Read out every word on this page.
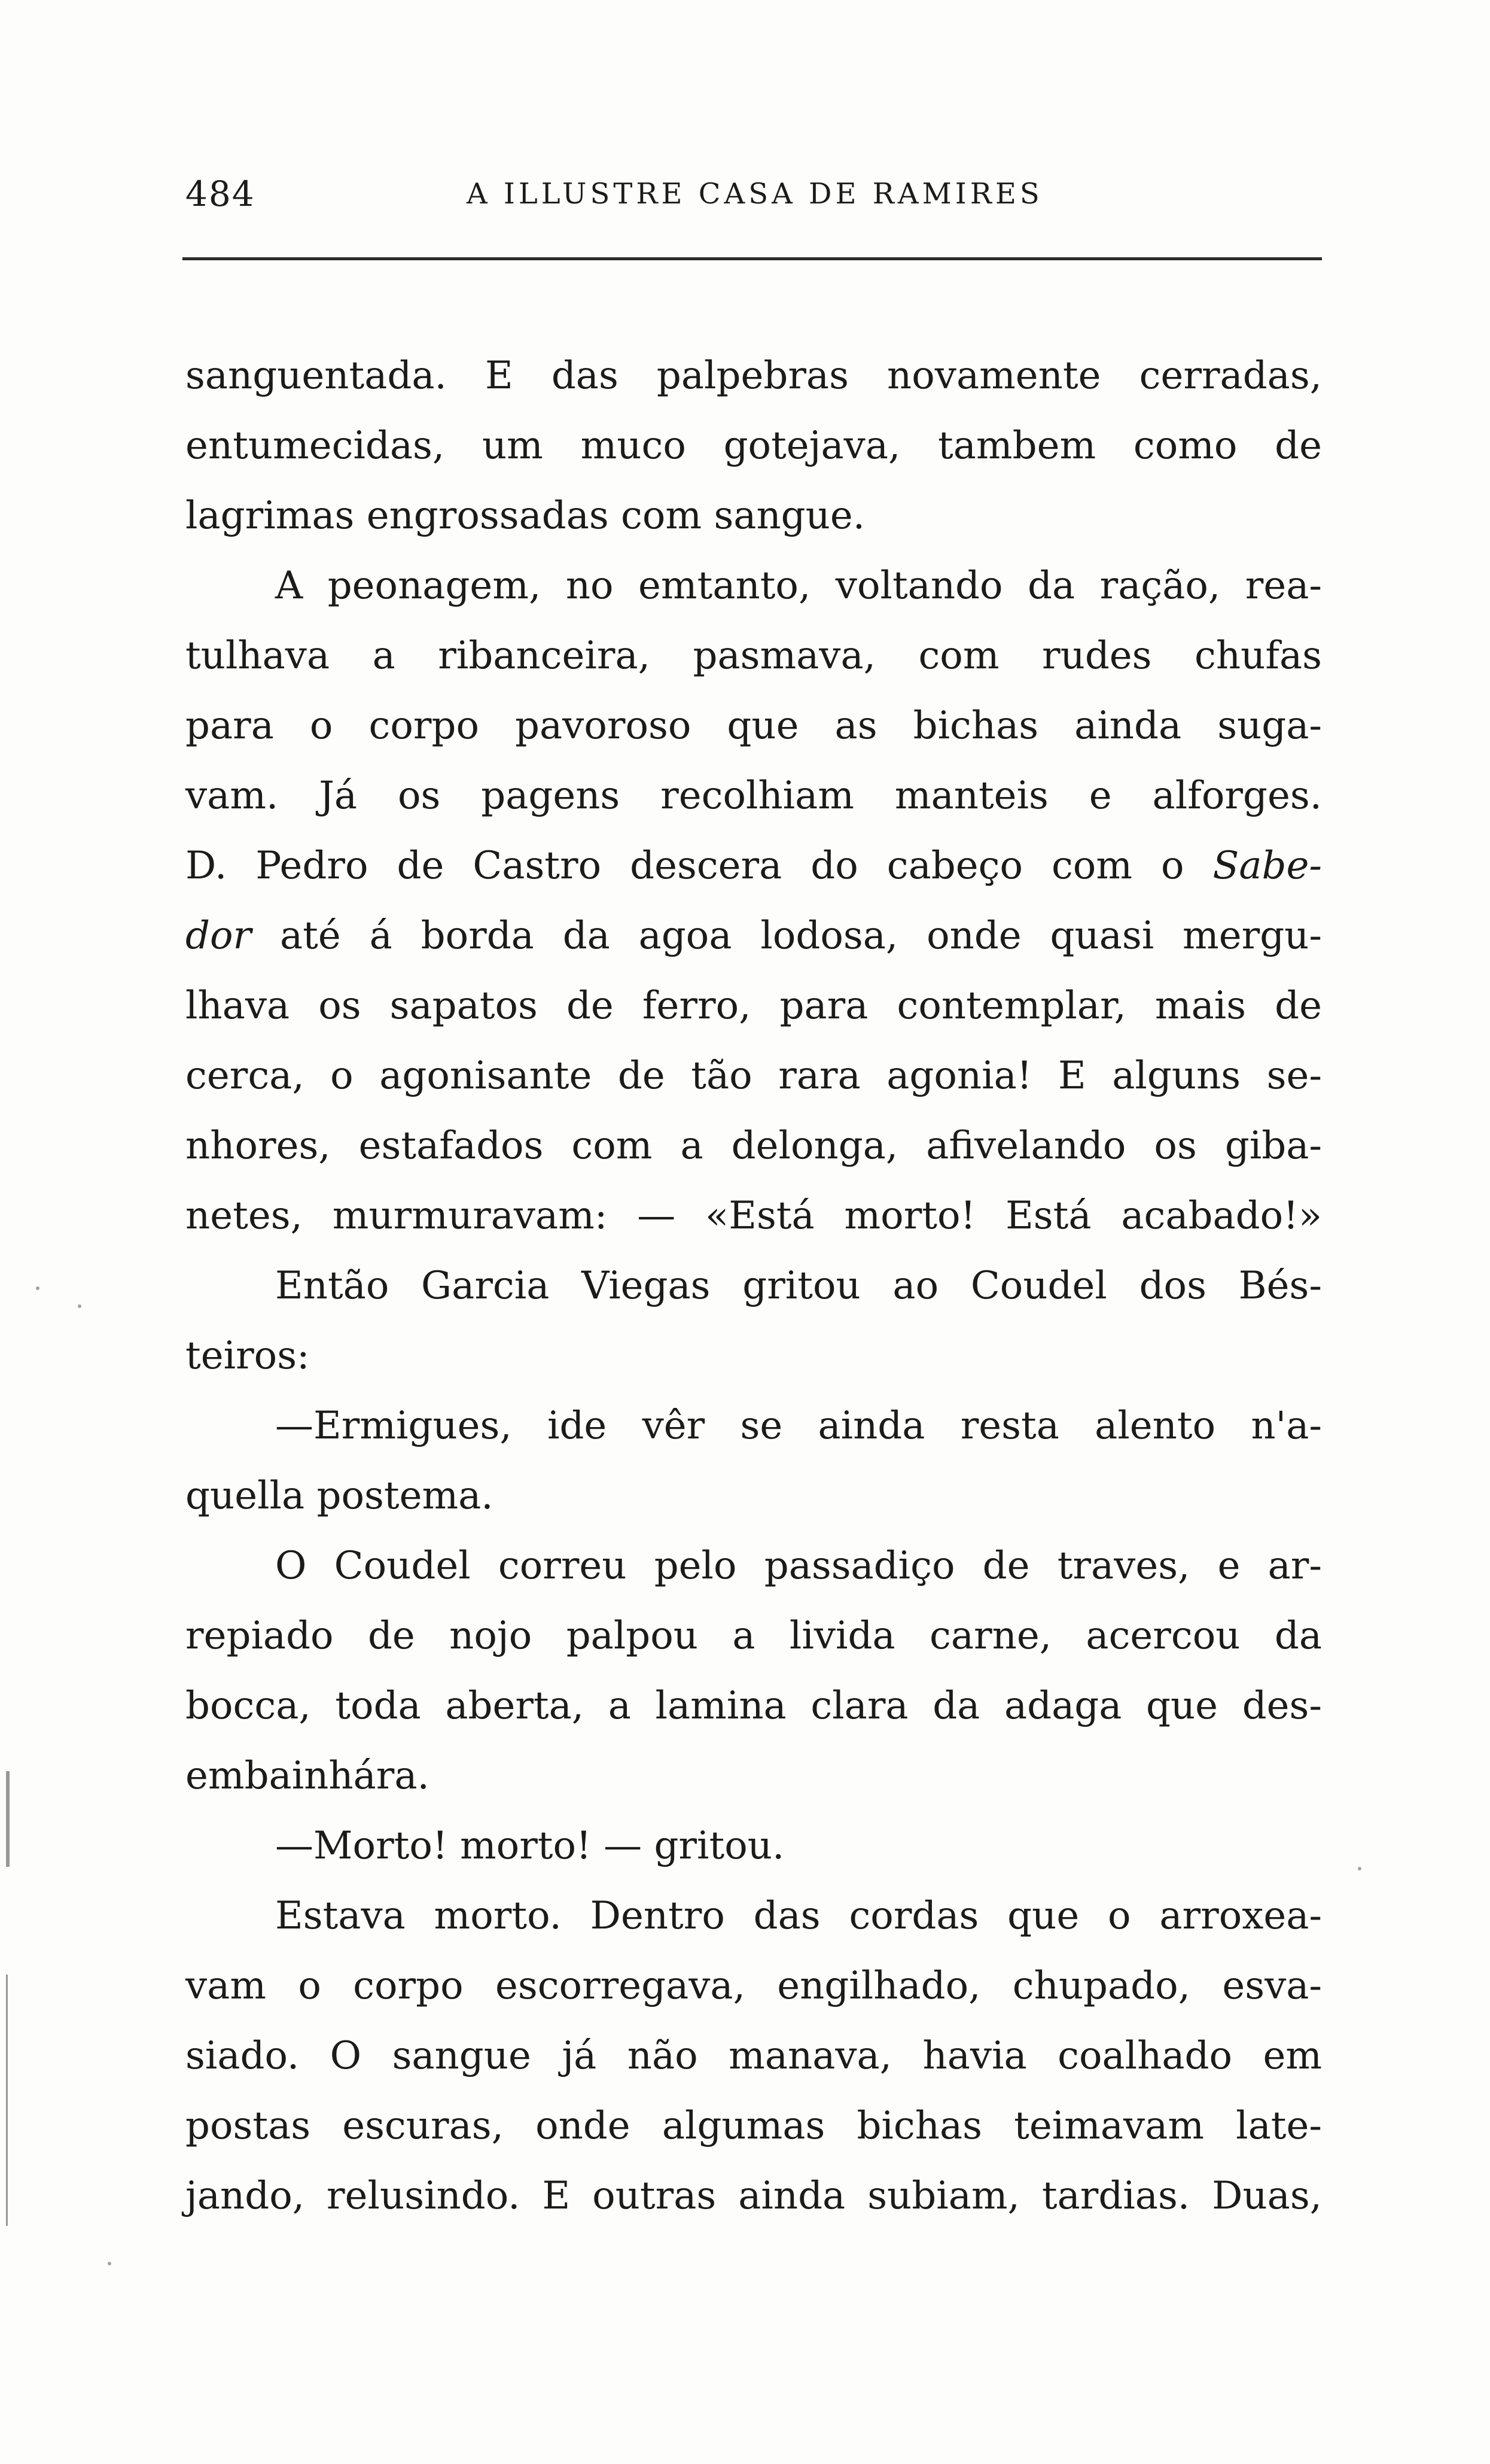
484	A ILLUSTRE CASA DE RAMIRES
sanguentada. E das palpebras novamente cerradas,
entumecidas, um muco gotejava, tambem como de
lagrimas engrossadas com sangue.
A peonagem, no emtanto, voltando da ração, rea-
tulhava a ribanceira, pasmava, com rudes chufas
para o corpo pavoroso que as bichas ainda suga-
vam. Já os pagens recolhiam manteis e alforges.
D. Pedro de Castro descera do cabeço com o Sabe-
dor até á borda da agoa lodosa, onde quasi mergu-
lhava os sapatos de ferro, para contemplar, mais de
cerca, o agonisante de tão rara agonia! E alguns se-
nhores, estafados com a delonga, afivelando os giba-
netes, murmuravam: — «Está morto! Está acabado!»
Então Garcia Viegas gritou ao Coudel dos Bés-
teiros:
—Ermigues, ide vêr se ainda resta alento n'a-
quella postema.
O Coudel correu pelo passadiço de traves, e ar-
repiado de nojo palpou a livida carne, acercou da
bocca, toda aberta, a lamina clara da adaga que des-
embainhára.
—Morto! morto! — gritou.
Estava morto. Dentro das cordas que o arroxea-
vam o corpo escorregava, engilhado, chupado, esva-
siado. O sangue já não manava, havia coalhado em
postas escuras, onde algumas bichas teimavam late-
jando, relusindo. E outras ainda subiam, tardias. Duas,
